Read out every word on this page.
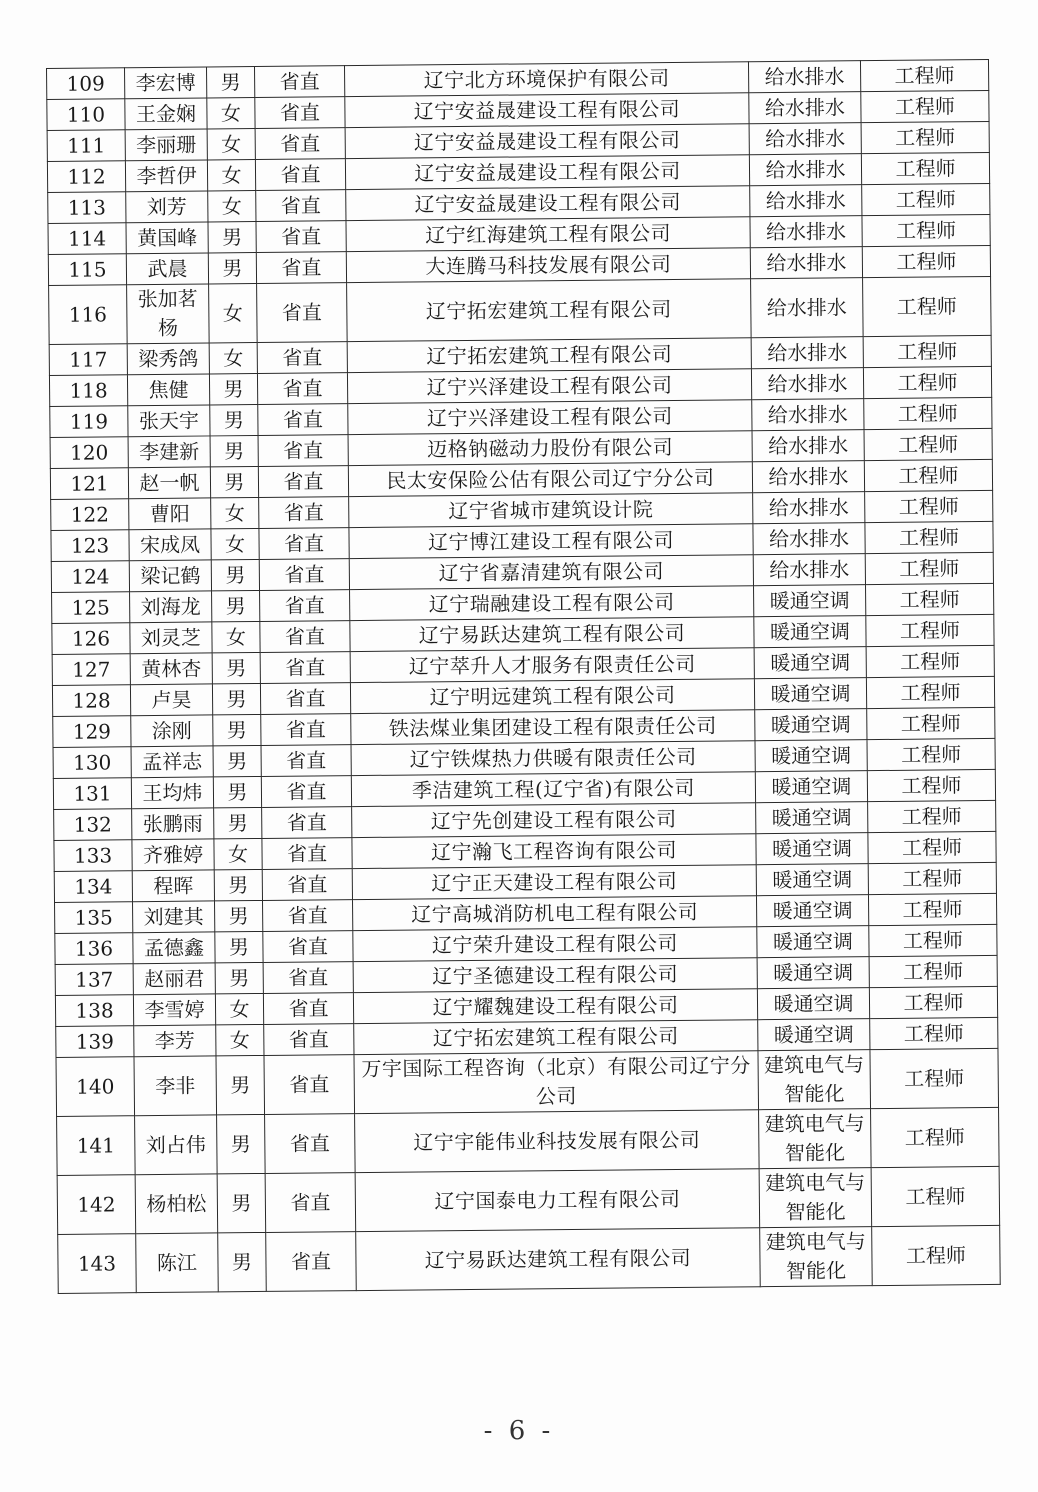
109	李宏博	男	省直	辽宁北方环境保护有限公司	给水排水	工程师
110	王金娴	女	省直	辽宁安益晟建设工程有限公司	给水排水	工程师
111	李丽珊	女	省直	辽宁安益晟建设工程有限公司	给水排水	工程师
112	李哲伊	女	省直	辽宁安益晟建设工程有限公司	给水排水	工程师
113	刘芳	女	省直	辽宁安益晟建设工程有限公司	给水排水	工程师
114	黄国峰	男	省直	辽宁红海建筑工程有限公司	给水排水	工程师
115	武晨	男	省直	大连腾马科技发展有限公司	给水排水	工程师
116	张加茗杨	女	省直	辽宁拓宏建筑工程有限公司	给水排水	工程师
117	梁秀鸽	女	省直	辽宁拓宏建筑工程有限公司	给水排水	工程师
118	焦健	男	省直	辽宁兴泽建设工程有限公司	给水排水	工程师
119	张天宇	男	省直	辽宁兴泽建设工程有限公司	给水排水	工程师
120	李建新	男	省直	迈格钠磁动力股份有限公司	给水排水	工程师
121	赵一帆	男	省直	民太安保险公估有限公司辽宁分公司	给水排水	工程师
122	曹阳	女	省直	辽宁省城市建筑设计院	给水排水	工程师
123	宋成凤	女	省直	辽宁博江建设工程有限公司	给水排水	工程师
124	梁记鹤	男	省直	辽宁省嘉清建筑有限公司	给水排水	工程师
125	刘海龙	男	省直	辽宁瑞融建设工程有限公司	暖通空调	工程师
126	刘灵芝	女	省直	辽宁易跃达建筑工程有限公司	暖通空调	工程师
127	黄林杏	男	省直	辽宁萃升人才服务有限责任公司	暖通空调	工程师
128	卢昊	男	省直	辽宁明远建筑工程有限公司	暖通空调	工程师
129	涂刚	男	省直	铁法煤业集团建设工程有限责任公司	暖通空调	工程师
130	孟祥志	男	省直	辽宁铁煤热力供暖有限责任公司	暖通空调	工程师
131	王均炜	男	省直	季洁建筑工程(辽宁省)有限公司	暖通空调	工程师
132	张鹏雨	男	省直	辽宁先创建设工程有限公司	暖通空调	工程师
133	齐雅婷	女	省直	辽宁瀚飞工程咨询有限公司	暖通空调	工程师
134	程晖	男	省直	辽宁正天建设工程有限公司	暖通空调	工程师
135	刘建其	男	省直	辽宁高城消防机电工程有限公司	暖通空调	工程师
136	孟德鑫	男	省直	辽宁荣升建设工程有限公司	暖通空调	工程师
137	赵丽君	男	省直	辽宁圣德建设工程有限公司	暖通空调	工程师
138	李雪婷	女	省直	辽宁耀魏建设工程有限公司	暖通空调	工程师
139	李芳	女	省直	辽宁拓宏建筑工程有限公司	暖通空调	工程师
140	李非	男	省直	万宇国际工程咨询（北京）有限公司辽宁分公司	建筑电气与智能化	工程师
141	刘占伟	男	省直	辽宁宇能伟业科技发展有限公司	建筑电气与智能化	工程师
142	杨柏松	男	省直	辽宁国泰电力工程有限公司	建筑电气与智能化	工程师
143	陈江	男	省直	辽宁易跃达建筑工程有限公司	建筑电气与智能化	工程师
- 6 -
